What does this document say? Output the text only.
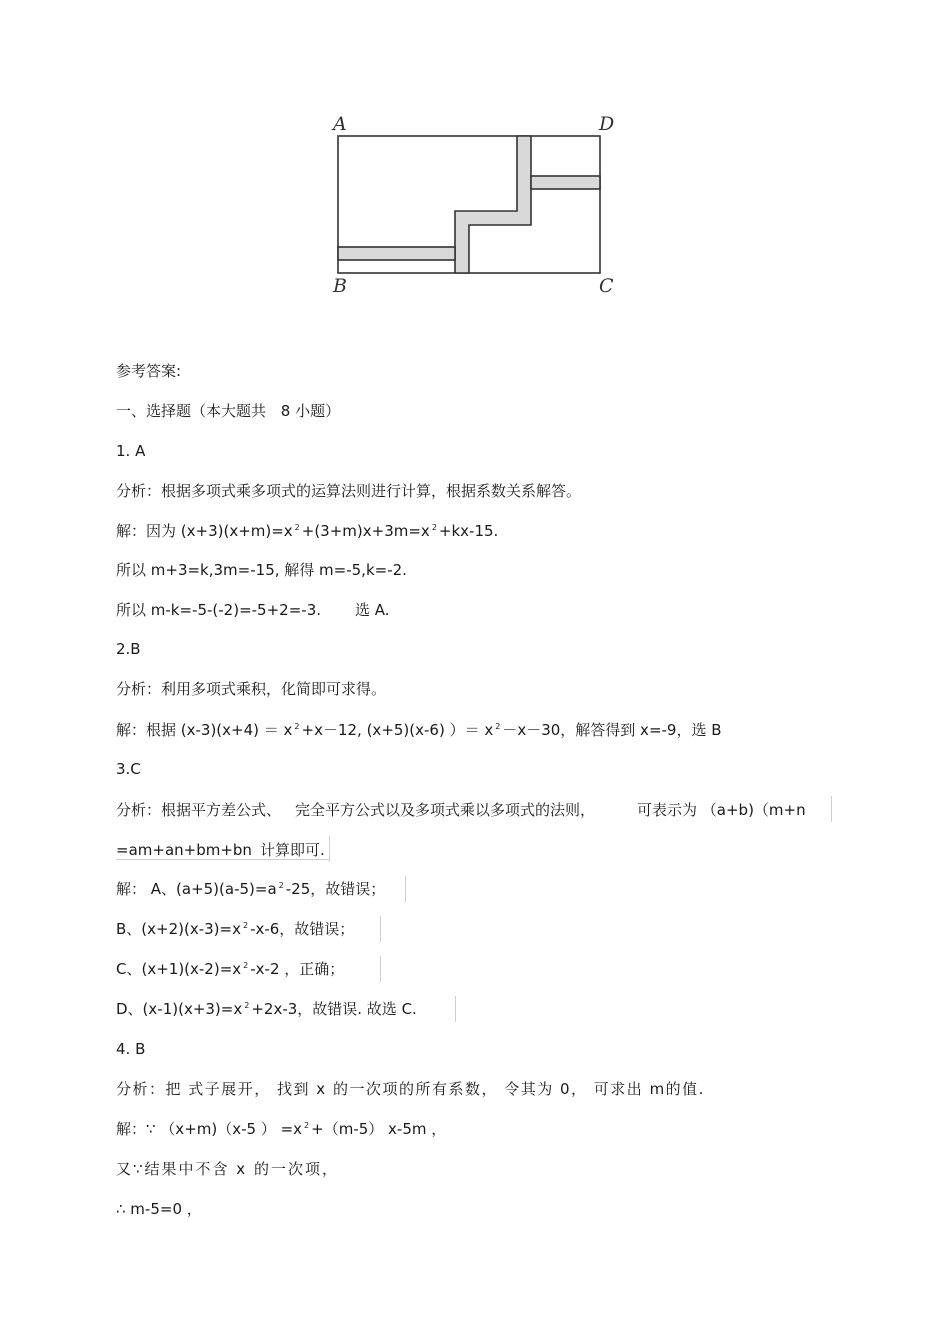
A	D
B	C
参考答案:
一、选择题（本大题共 8 小题）
1. A
分析：根据多项式乘多项式的运算法则进行计算，根据系数关系解答。
解：因为 (x+3)(x+m)=x $^2$ +(3+m)x+3m=x $^2$ +kx-15.
所以 m+3=k,3m=-15, 解得 m=-5,k=-2.
所以 m-k=-5-(-2)=-5+2=-3. 选 A.
2.B
分析：利用多项式乘积，化简即可求得。
解：根据 (x-3)(x+4) ＝ x $^2$ +x－12, (x+5)(x-6) ）＝ x $^2$ －x－30，解答得到 x=-9，选 B
3.C
分析：根据平方差公式、 完全平方公式以及多项式乘以多项式的法则，	可表示为 （a+b)（m+n
=am+an+bm+bn 计算即可.
解： A、(a+5)(a-5)=a $^2$ -25，故错误；
B、(x+2)(x-3)=x $^2$ -x-6，故错误；
C、(x+1)(x-2)=x $^2$ -x-2 ，正确；
D、(x-1)(x+3)=x $^2$ +2x-3，故错误. 故选 C.
4. B
分析：把 式子展开， 找到 x 的一次项的所有系数， 令其为 0， 可求出 m的值.
解：∵ （x+m)（x-5 ） =x $^2$ +（m-5） x-5m ，
又∵结果中不含 x 的一次项，
∴ m-5=0 ，
